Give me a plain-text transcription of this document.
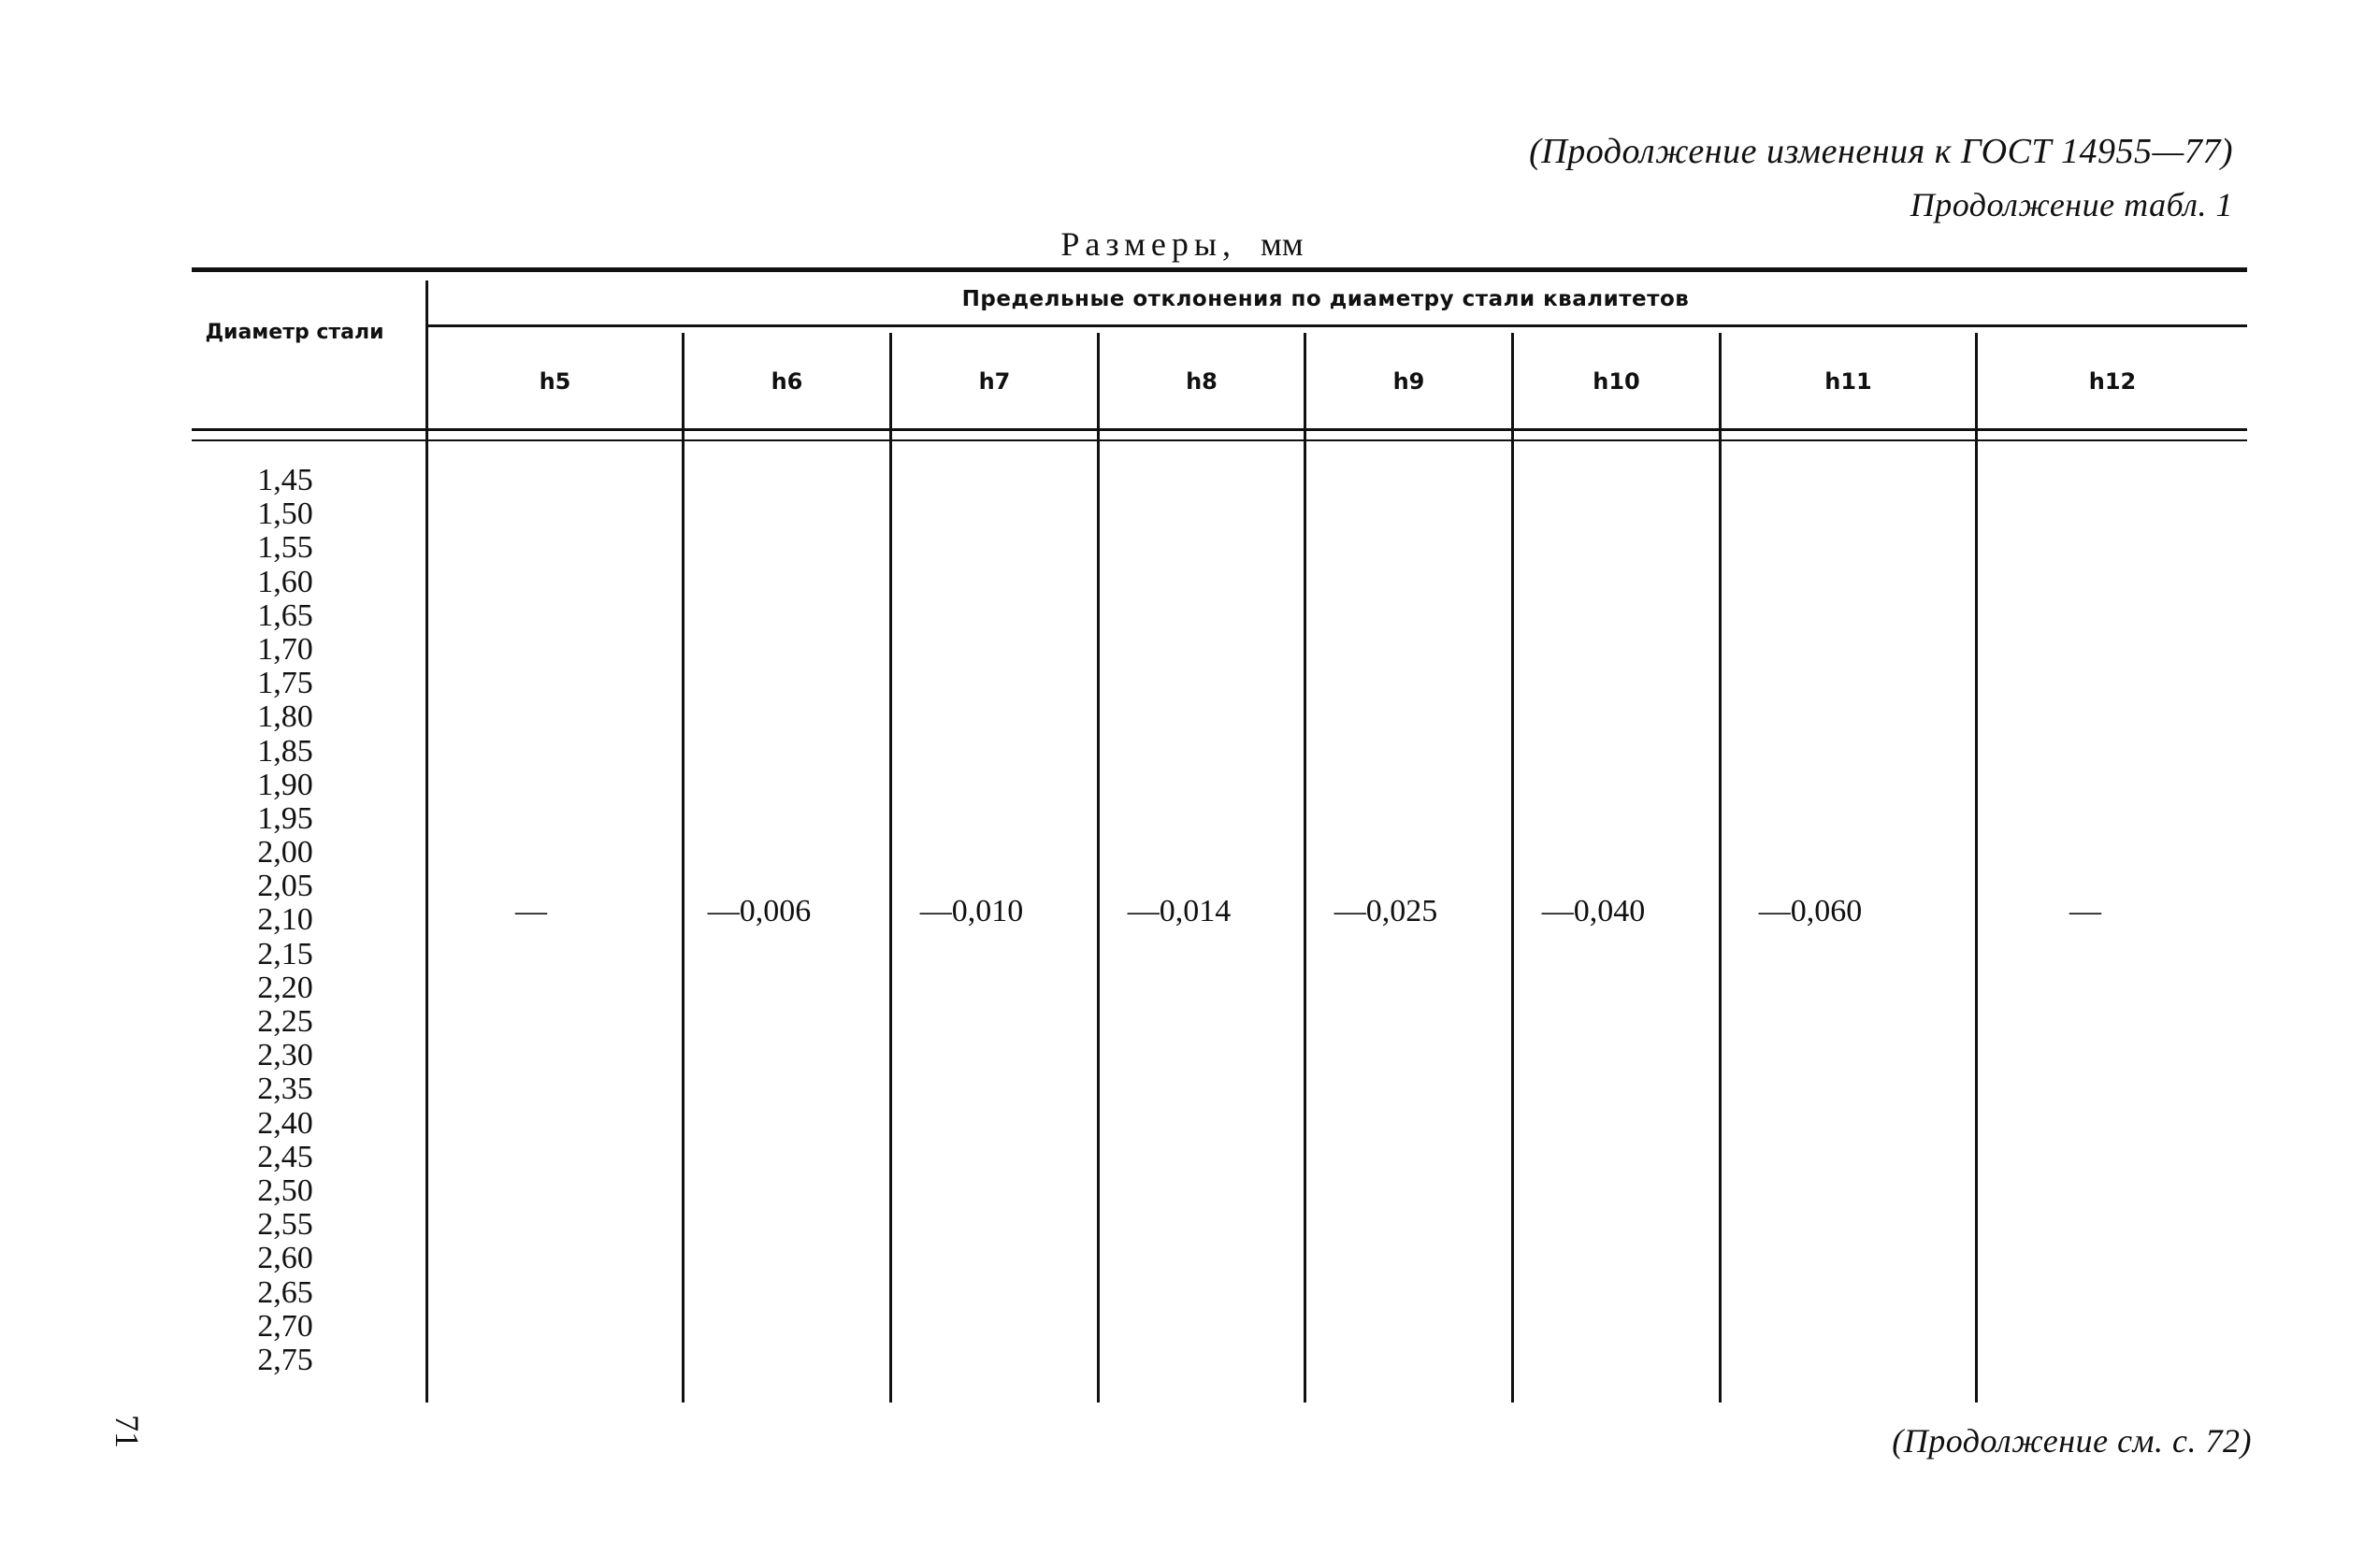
(Продолжение изменения к ГОСТ 14955—77)
Продолжение табл. 1
Размеры, мм
Диаметр стали
Предельные отклонения по диаметру стали квалитетов
h5	h6	h7	h8	h9	h10	h11	h12
1,45
1,50
1,55
1,60
1,65
1,70
1,75
1,80
1,85
1,90
1,95
2,00
2,05
2,10
2,15
2,20
2,25
2,30
2,35
2,40
2,45
2,50
2,55
2,60
2,65
2,70
2,75
—	—0,006	—0,010	—0,014	—0,025	—0,040	—0,060	—
71	(Продолжение см. с. 72)
